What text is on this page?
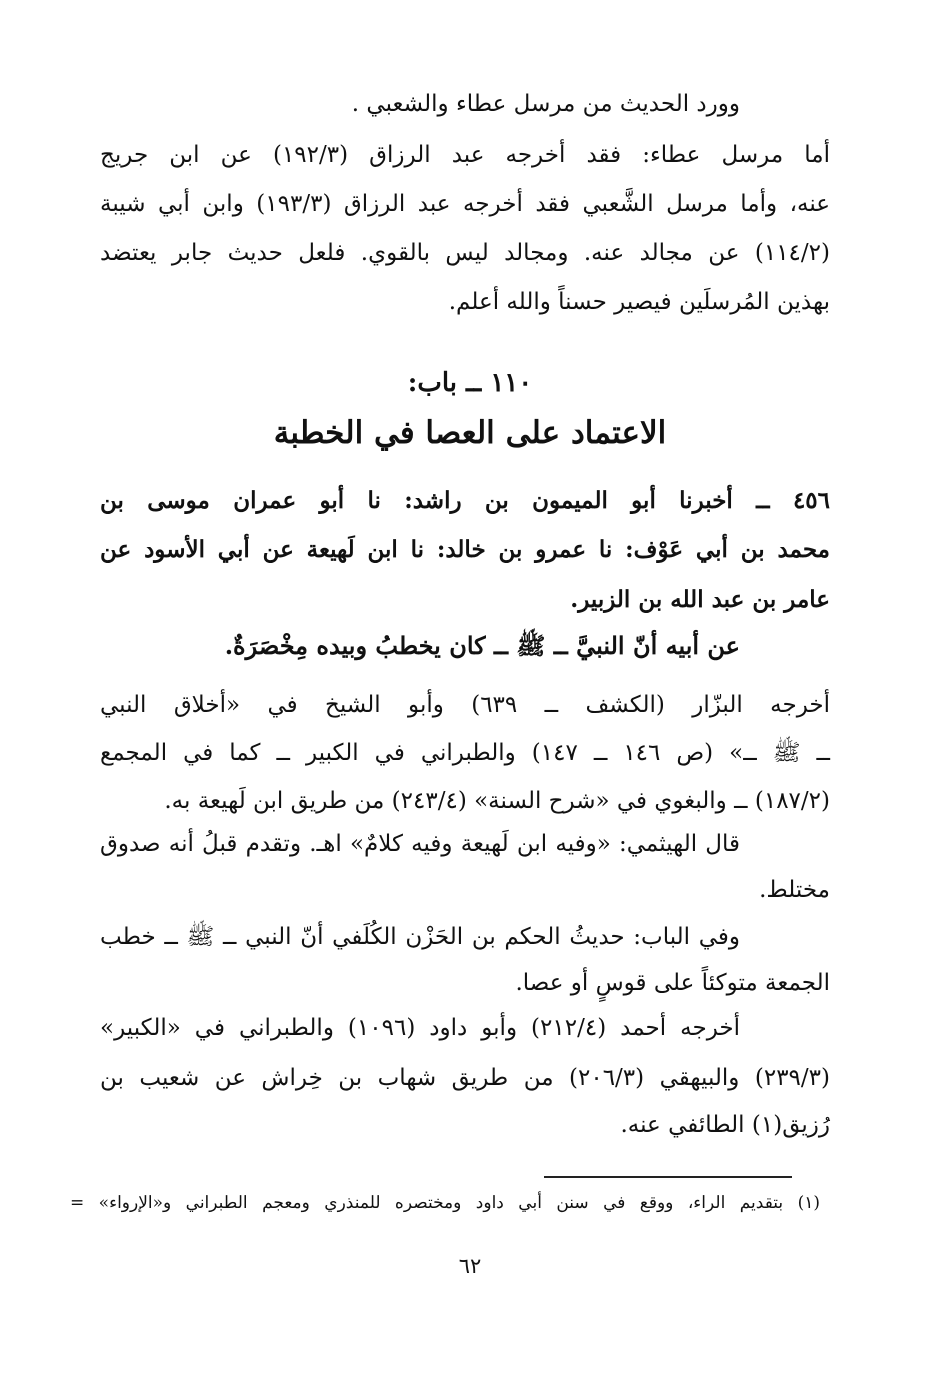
وورد الحديث من مرسل عطاء والشعبي .
أما مرسل عطاء: فقد أخرجه عبد الرزاق (١٩٢/٣) عن ابن جريج
عنه، وأما مرسل الشَّعبي فقد أخرجه عبد الرزاق (١٩٣/٣) وابن أبي شيبة
(١١٤/٢) عن مجالد عنه. ومجالد ليس بالقوي. فلعل حديث جابر يعتضد
بهذين المُرسلَين فيصير حسناً والله أعلم.
١١٠ ــ باب:
الاعتماد على العصا في الخطبة
٤٥٦ ــ أخبرنا أبو الميمون بن راشد: نا أبو عمران موسى بن
محمد بن أبي عَوْف: نا عمرو بن خالد: نا ابن لَهيعة عن أبي الأسود عن
عامر بن عبد الله بن الزبير.
عن أبيه أنّ النبيَّ ــ ﷺ ــ كان يخطبُ وبيده مِخْصَرَةٌ.
أخرجه البزّار (الكشف ــ ٦٣٩) وأبو الشيخ في «أخلاق النبي
ــ ﷺ ــ» (ص ١٤٦ ــ ١٤٧) والطبراني في الكبير ــ كما في المجمع
(١٨٧/٢) ــ والبغوي في «شرح السنة» (٢٤٣/٤) من طريق ابن لَهيعة به.
قال الهيثمي: «وفيه ابن لَهيعة وفيه كلامٌ» اهـ. وتقدم قبلُ أنه صدوق
مختلط.
وفي الباب: حديثُ الحكم بن الحَزْن الكُلَفي أنّ النبي ــ ﷺ ــ خطب
الجمعة متوكئاً على قوسٍ أو عصا.
أخرجه أحمد (٢١٢/٤) وأبو داود (١٠٩٦) والطبراني في «الكبير»
(٢٣٩/٣) والبيهقي (٢٠٦/٣) من طريق شهاب بن خِراش عن شعيب بن
رُزيق(١) الطائفي عنه.
(١) بتقديم الراء، ووقع في سنن أبي داود ومختصره للمنذري ومعجم الطبراني و«الإرواء» =
٦٢
